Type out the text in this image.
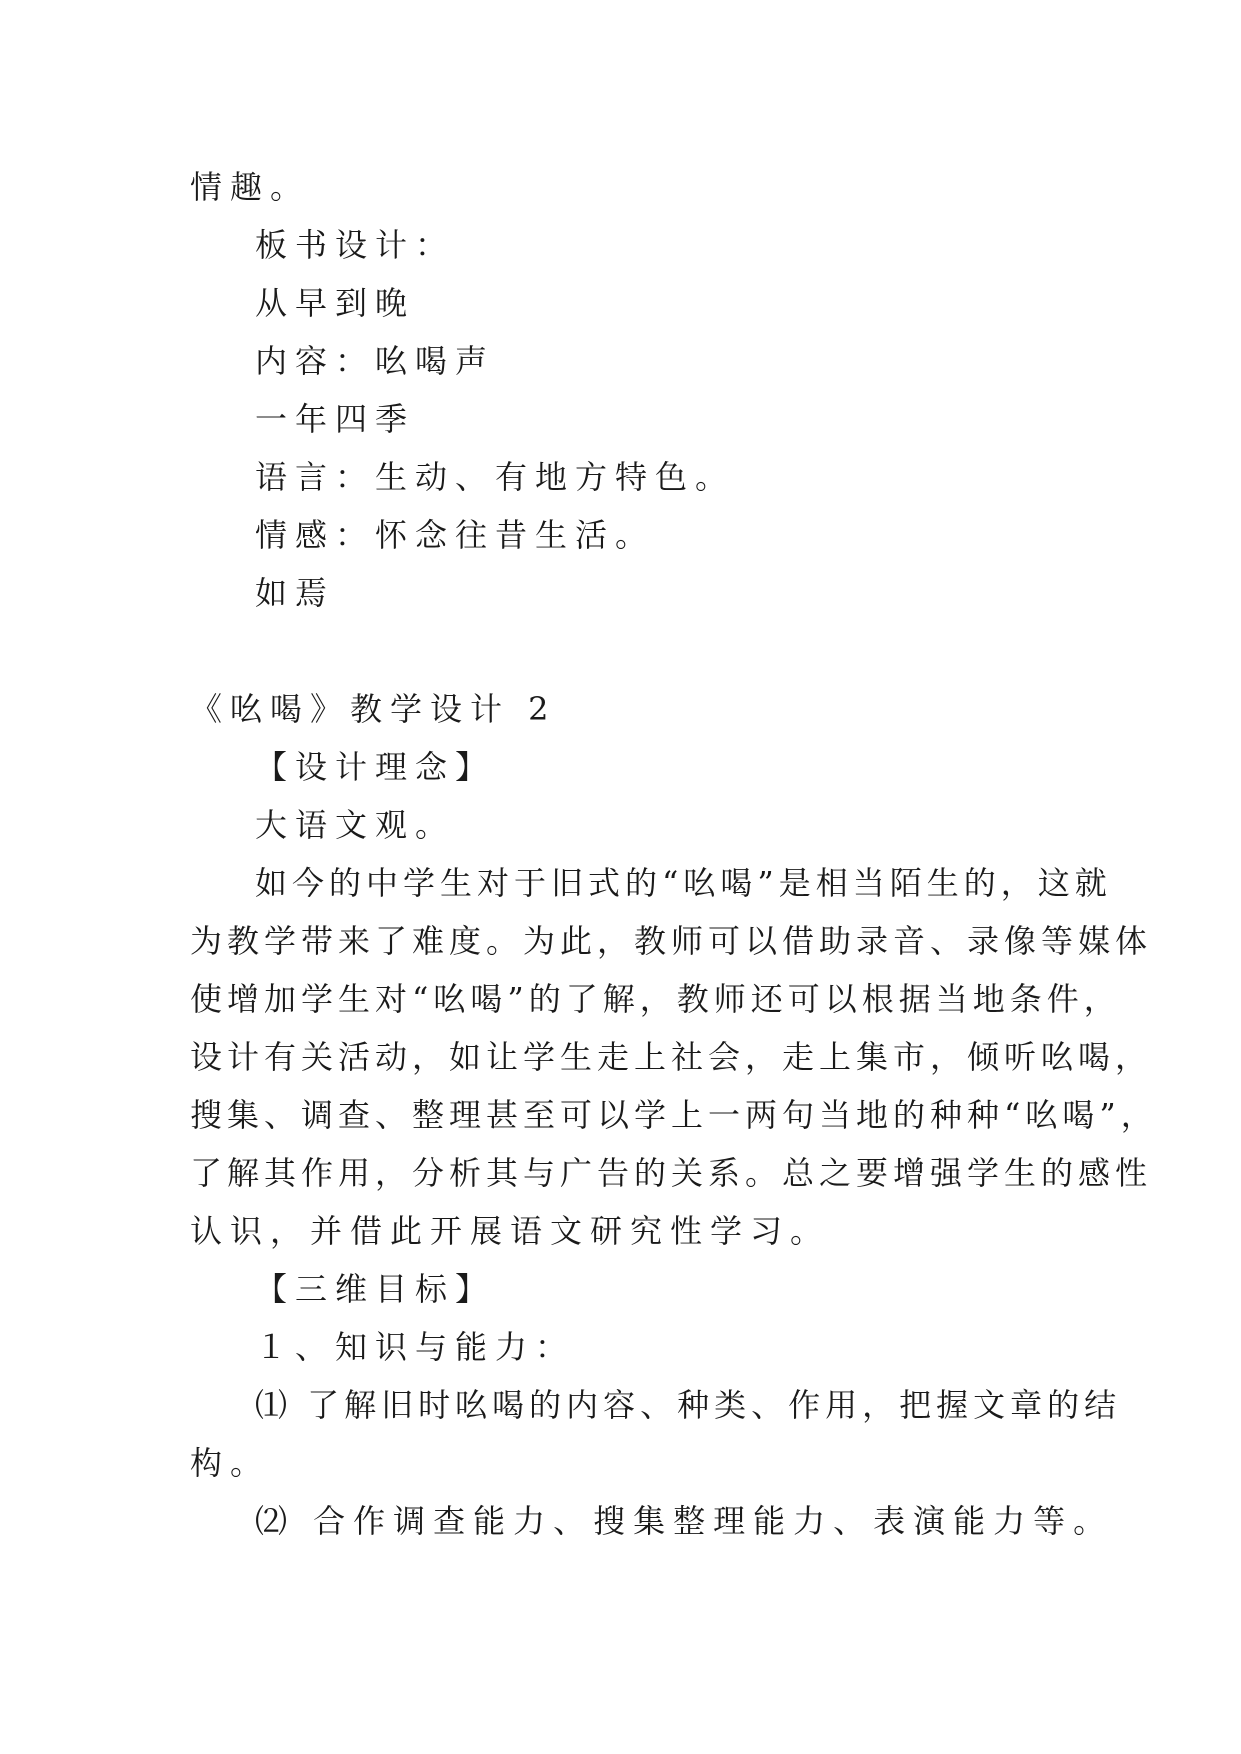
情趣。
板书设计：
从早到晚
内容：吆喝声
一年四季
语言：生动、有地方特色。
情感：怀念往昔生活。
如焉
《吆喝》教学设计 2
【设计理念】
大语文观。
如今的中学生对于旧式的“吆喝”是相当陌生的，这就
为教学带来了难度。为此，教师可以借助录音、录像等媒体
使增加学生对“吆喝”的了解，教师还可以根据当地条件，
设计有关活动，如让学生走上社会，走上集市，倾听吆喝，
搜集、调查、整理甚至可以学上一两句当地的种种“吆喝”，
了解其作用，分析其与广告的关系。总之要增强学生的感性
认识，并借此开展语文研究性学习。
【三维目标】
１、知识与能力：
⑴ 了解旧时吆喝的内容、种类、作用，把握文章的结
构。
⑵ 合作调查能力、搜集整理能力、表演能力等。
